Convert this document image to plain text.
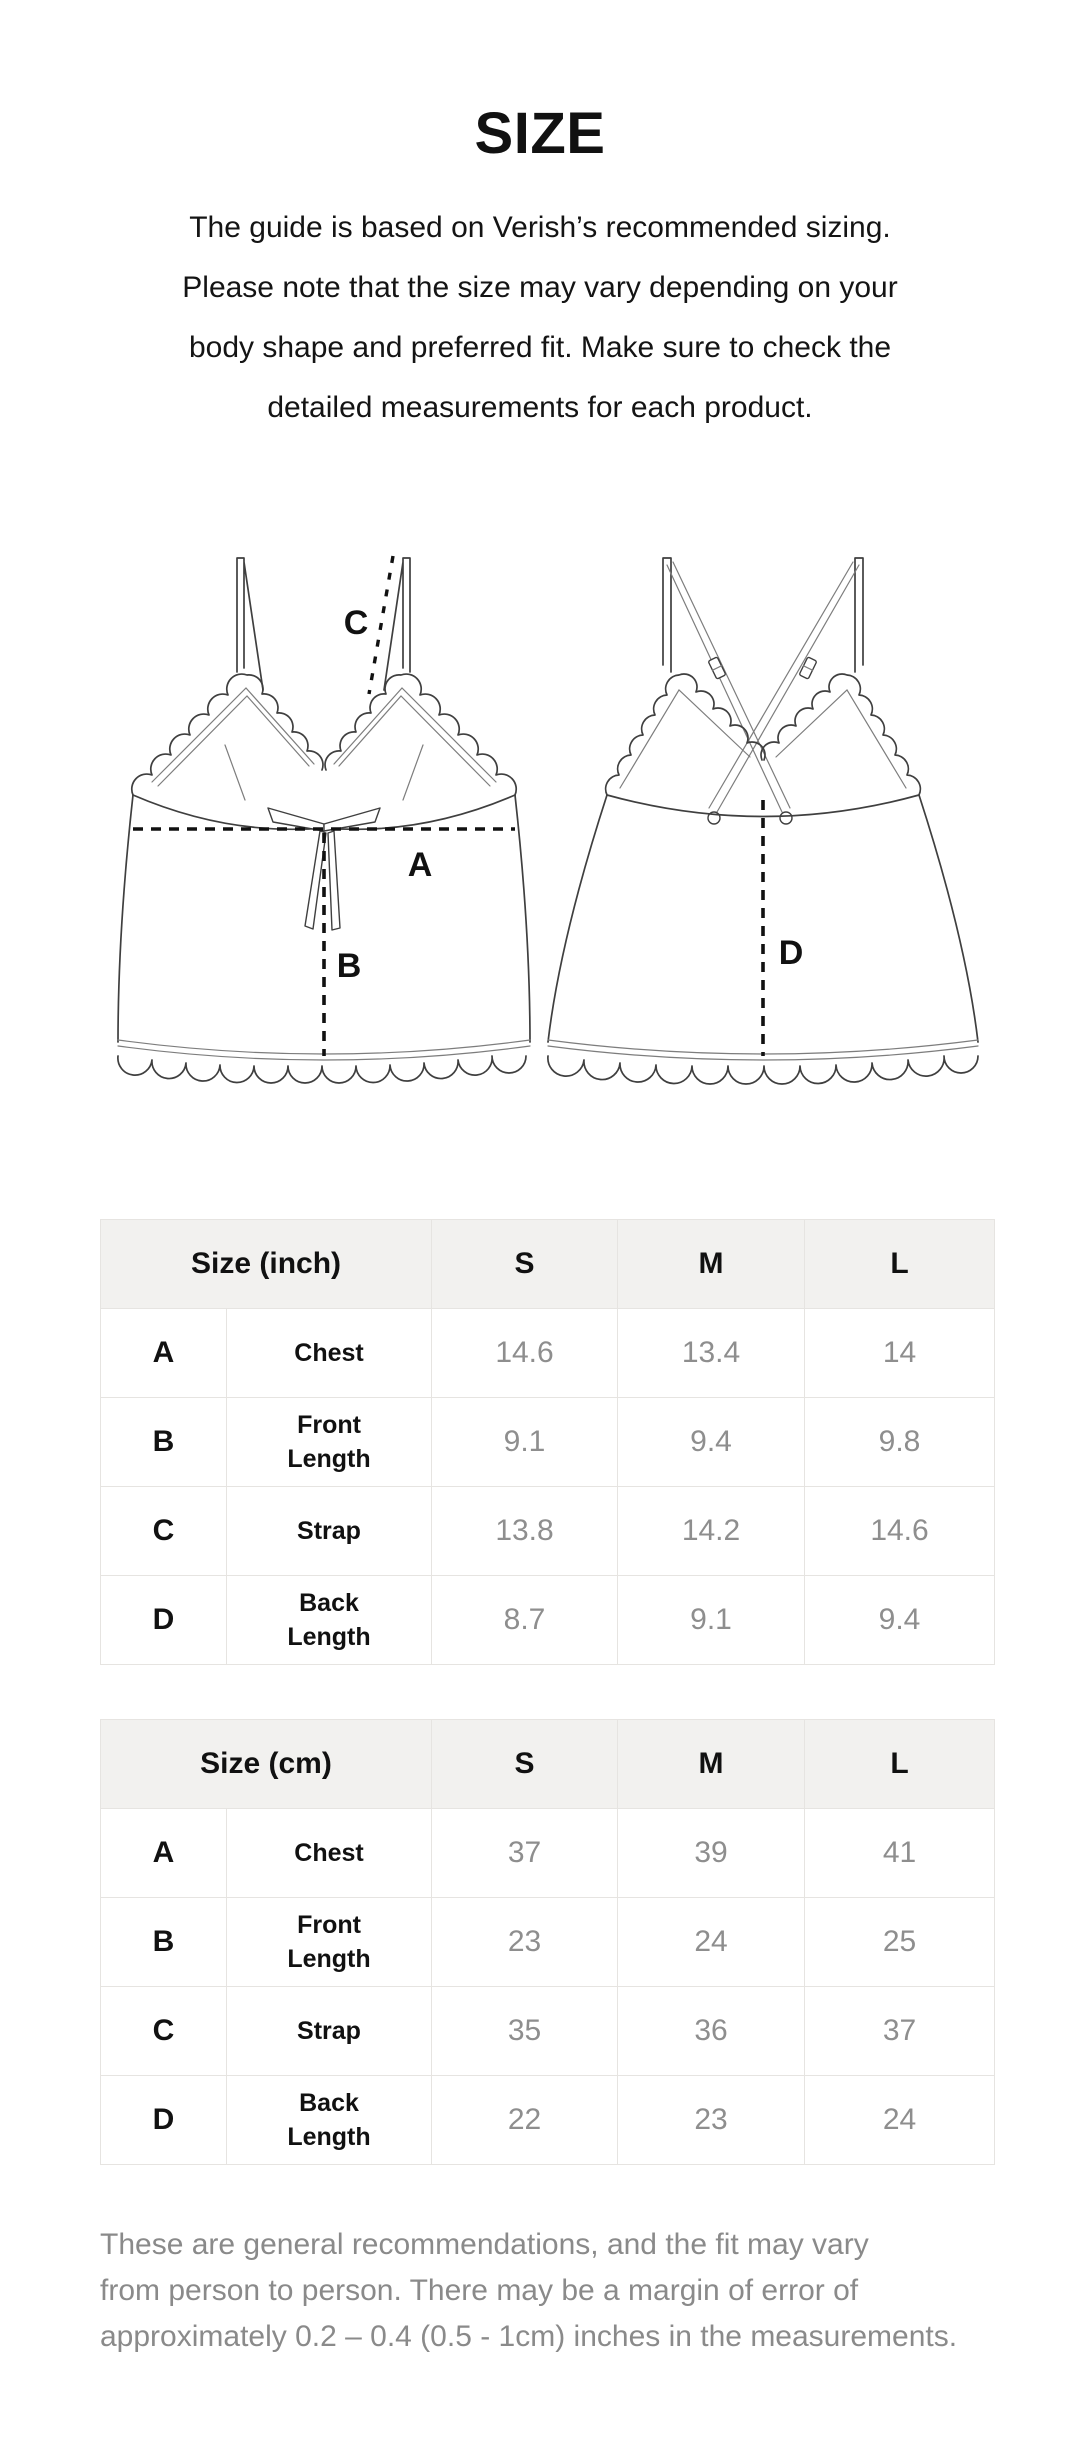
SIZE
The guide is based on Verish’s recommended sizing.
Please note that the size may vary depending on your
body shape and preferred fit. Make sure to check the
detailed measurements for each product.
A
B
C
D
Size (inch)		S	M	L
A	Chest	14.6	13.4	14
B	Front Length	9.1	9.4	9.8
C	Strap	13.8	14.2	14.6
D	Back Length	8.7	9.1	9.4
Size (cm)		S	M	L
A	Chest	37	39	41
B	Front Length	23	24	25
C	Strap	35	36	37
D	Back Length	22	23	24
These are general recommendations, and the fit may vary
from person to person. There may be a margin of error of
approximately 0.2 – 0.4 (0.5 - 1cm) inches in the measurements.
